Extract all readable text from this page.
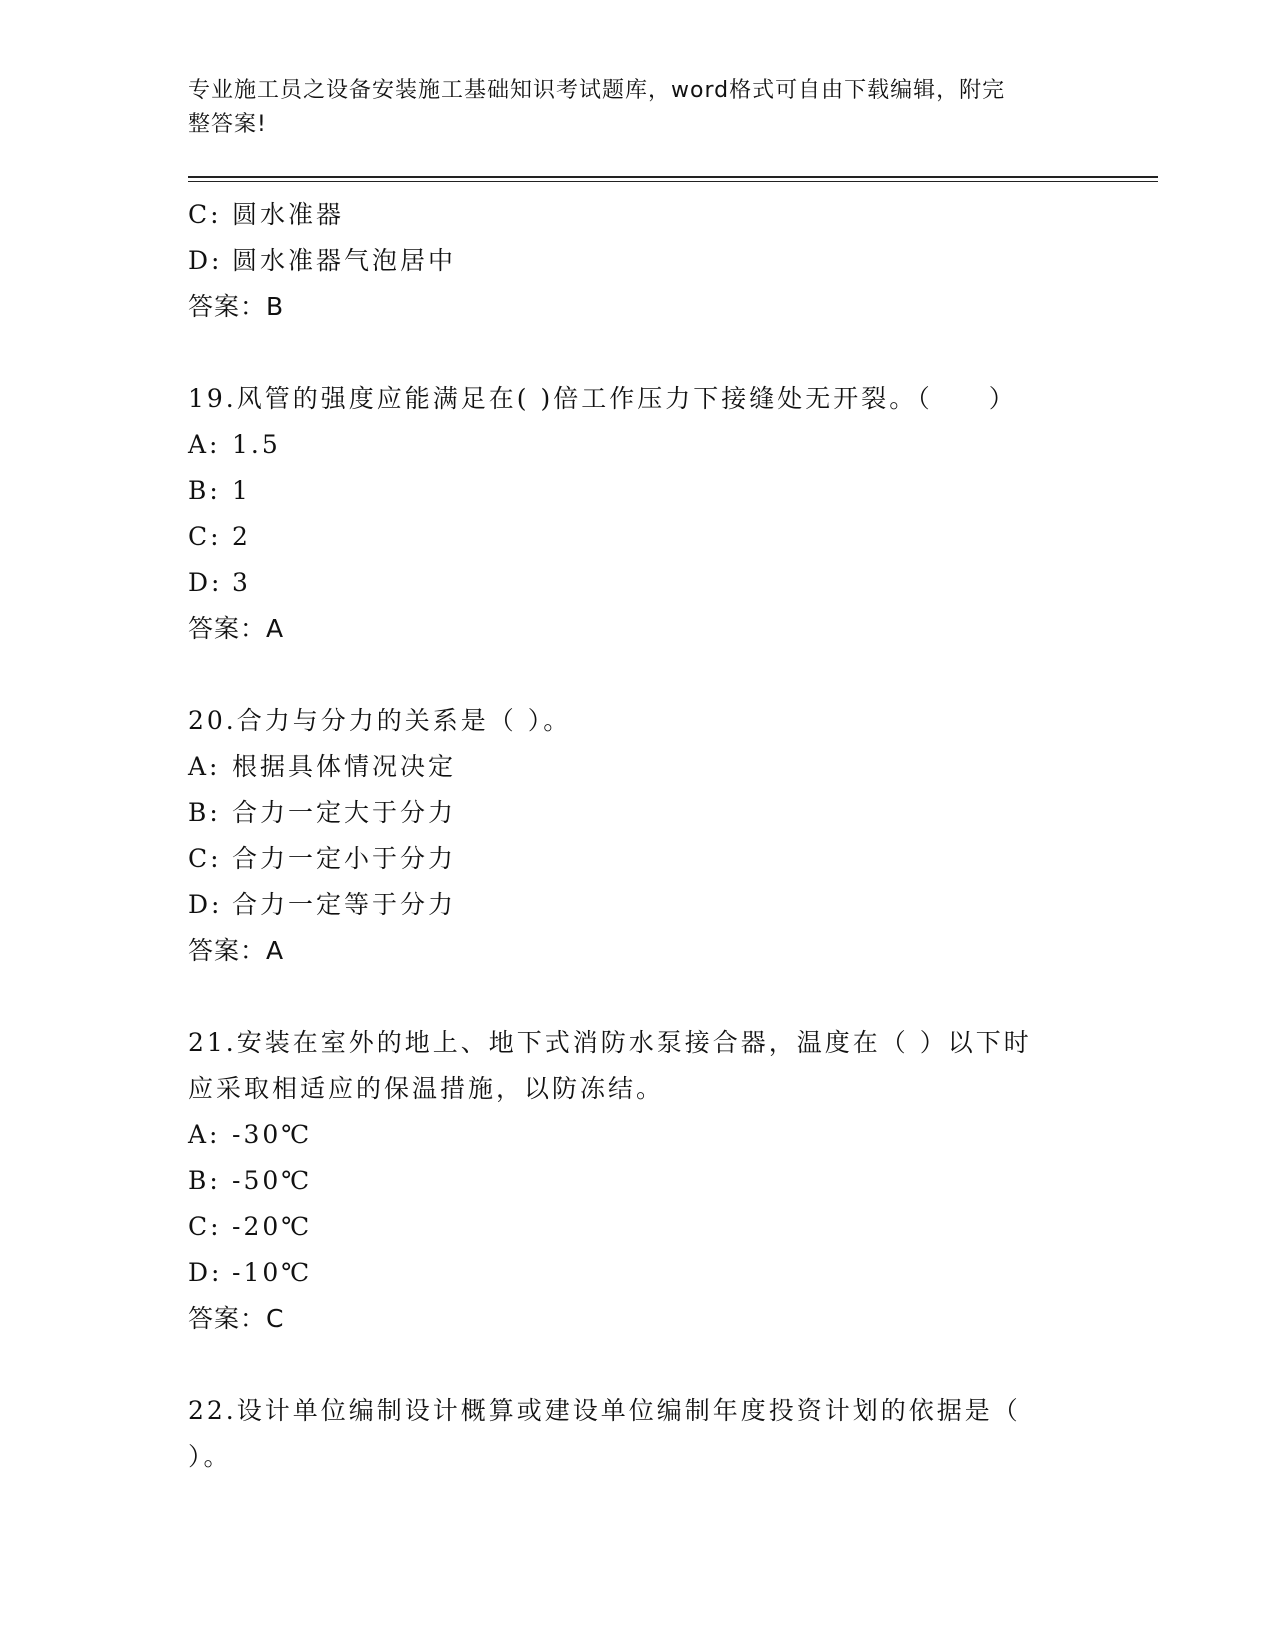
专业施工员之设备安装施工基础知识考试题库，word格式可自由下载编辑，附完
整答案!
C: 圆水准器
D: 圆水准器气泡居中
答案：B
19.风管的强度应能满足在( )倍工作压力下接缝处无开裂。（　　）
A: 1.5
B: 1
C: 2
D: 3
答案：A
20.合力与分力的关系是（ ）。
A: 根据具体情况决定
B: 合力一定大于分力
C: 合力一定小于分力
D: 合力一定等于分力
答案：A
21.安装在室外的地上、地下式消防水泵接合器，温度在（ ）以下时
应采取相适应的保温措施，以防冻结。
A: -30℃
B: -50℃
C: -20℃
D: -10℃
答案：C
22.设计单位编制设计概算或建设单位编制年度投资计划的依据是（
）。
